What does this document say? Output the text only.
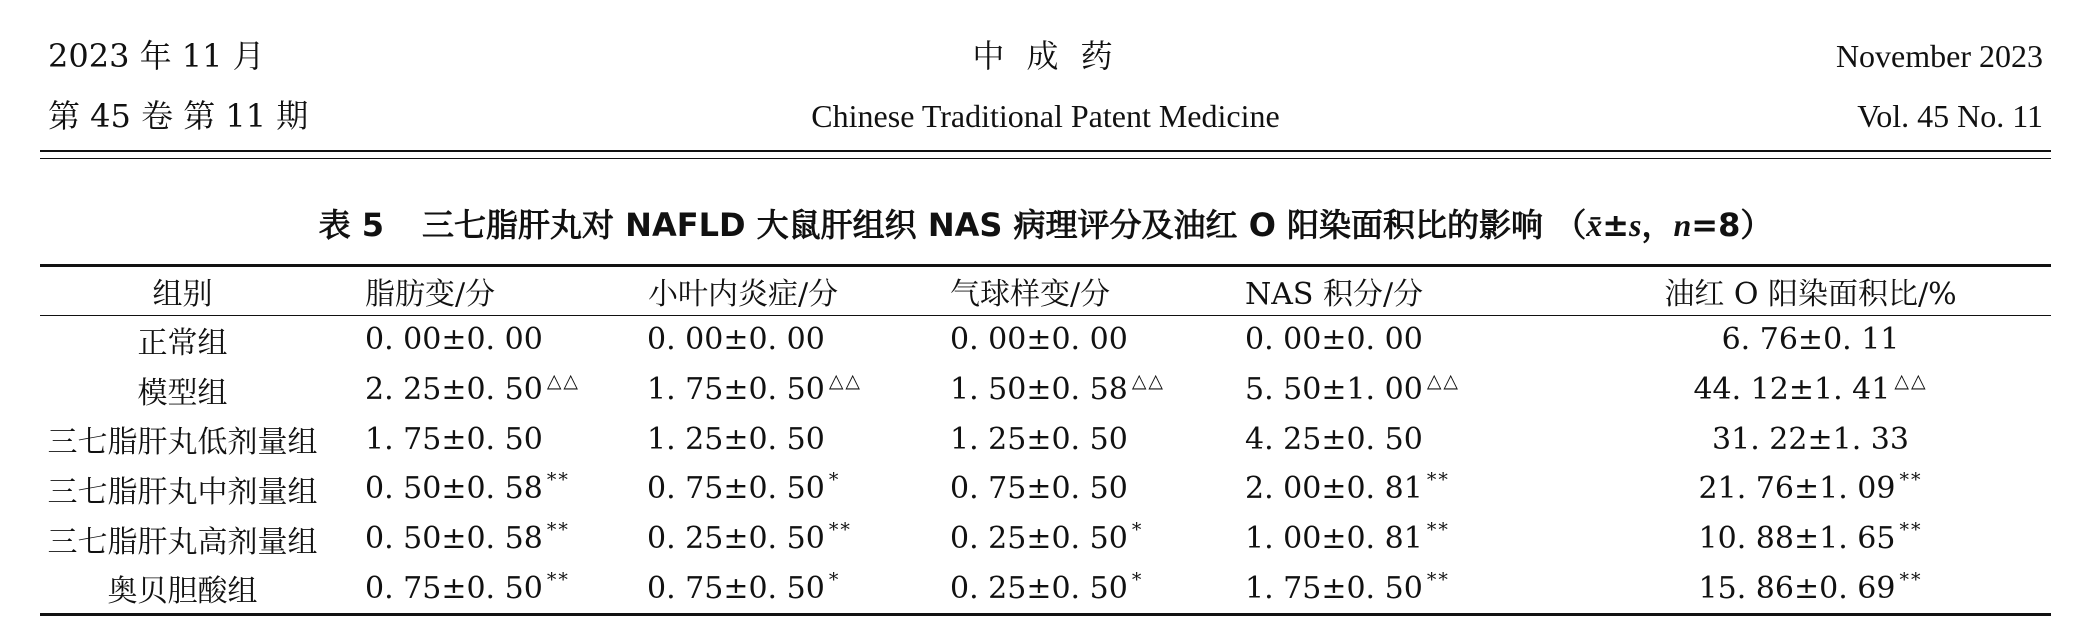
2023 年 11 月
第 45 卷 第 11 期
中 成 药
Chinese Traditional Patent Medicine
November 2023
Vol. 45 No. 11
表 5 三七脂肝丸对 NAFLD 大鼠肝组织 NAS 病理评分及油红 O 阳染面积比的影响 （x̄±s，n=8）
组别	脂肪变/分	小叶内炎症/分	气球样变/分	NAS 积分/分	油红 O 阳染面积比/%
正常组	0. 00±0. 00	0. 00±0. 00	0. 00±0. 00	0. 00±0. 00	6. 76±0. 11
模型组	2. 25±0. 50 △△	1. 75±0. 50 △△	1. 50±0. 58 △△	5. 50±1. 00 △△	44. 12±1. 41 △△
三七脂肝丸低剂量组	1. 75±0. 50	1. 25±0. 50	1. 25±0. 50	4. 25±0. 50	31. 22±1. 33
三七脂肝丸中剂量组	0. 50±0. 58 **	0. 75±0. 50 *	0. 75±0. 50	2. 00±0. 81 **	21. 76±1. 09 **
三七脂肝丸高剂量组	0. 50±0. 58 **	0. 25±0. 50 **	0. 25±0. 50 *	1. 00±0. 81 **	10. 88±1. 65 **
奥贝胆酸组	0. 75±0. 50 **	0. 75±0. 50 *	0. 25±0. 50 *	1. 75±0. 50 **	15. 86±0. 69 **
